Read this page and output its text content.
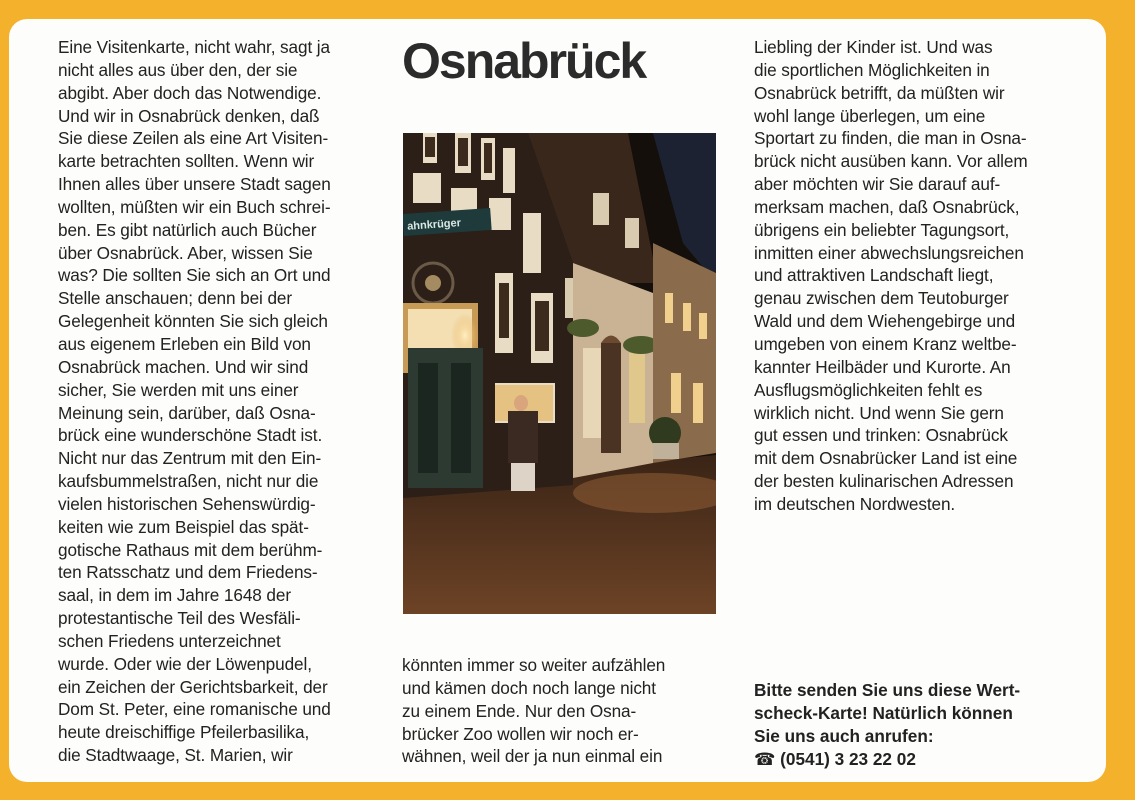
Eine Visitenkarte, nicht wahr, sagt ja
nicht alles aus über den, der sie
abgibt. Aber doch das Notwendige.
Und wir in Osnabrück denken, daß
Sie diese Zeilen als eine Art Visiten-
karte betrachten sollten. Wenn wir
Ihnen alles über unsere Stadt sagen
wollten, müßten wir ein Buch schrei-
ben. Es gibt natürlich auch Bücher
über Osnabrück. Aber, wissen Sie
was? Die sollten Sie sich an Ort und
Stelle anschauen; denn bei der
Gelegenheit könnten Sie sich gleich
aus eigenem Erleben ein Bild von
Osnabrück machen. Und wir sind
sicher, Sie werden mit uns einer
Meinung sein, darüber, daß Osna-
brück eine wunderschöne Stadt ist.
Nicht nur das Zentrum mit den Ein-
kaufsbummelstraßen, nicht nur die
vielen historischen Sehenswürdig-
keiten wie zum Beispiel das spät-
gotische Rathaus mit dem berühm-
ten Ratsschatz und dem Friedens-
saal, in dem im Jahre 1648 der
protestantische Teil des Wesfäli-
schen Friedens unterzeichnet
wurde. Oder wie der Löwenpudel,
ein Zeichen der Gerichtsbarkeit, der
Dom St. Peter, eine romanische und
heute dreischiffige Pfeilerbasilika,
die Stadtwaage, St. Marien, wir
Osnabrück
ahnkrüger
könnten immer so weiter aufzählen
und kämen doch noch lange nicht
zu einem Ende. Nur den Osna-
brücker Zoo wollen wir noch er-
wähnen, weil der ja nun einmal ein
Liebling der Kinder ist. Und was
die sportlichen Möglichkeiten in
Osnabrück betrifft, da müßten wir
wohl lange überlegen, um eine
Sportart zu finden, die man in Osna-
brück nicht ausüben kann. Vor allem
aber möchten wir Sie darauf auf-
merksam machen, daß Osnabrück,
übrigens ein beliebter Tagungsort,
inmitten einer abwechslungsreichen
und attraktiven Landschaft liegt,
genau zwischen dem Teutoburger
Wald und dem Wiehengebirge und
umgeben von einem Kranz weltbe-
kannter Heilbäder und Kurorte. An
Ausflugsmöglichkeiten fehlt es
wirklich nicht. Und wenn Sie gern
gut essen und trinken: Osnabrück
mit dem Osnabrücker Land ist eine
der besten kulinarischen Adressen
im deutschen Nordwesten.
Bitte senden Sie uns diese Wert-
scheck-Karte! Natürlich können
Sie uns auch anrufen:
☎ (0541) 3 23 22 02
